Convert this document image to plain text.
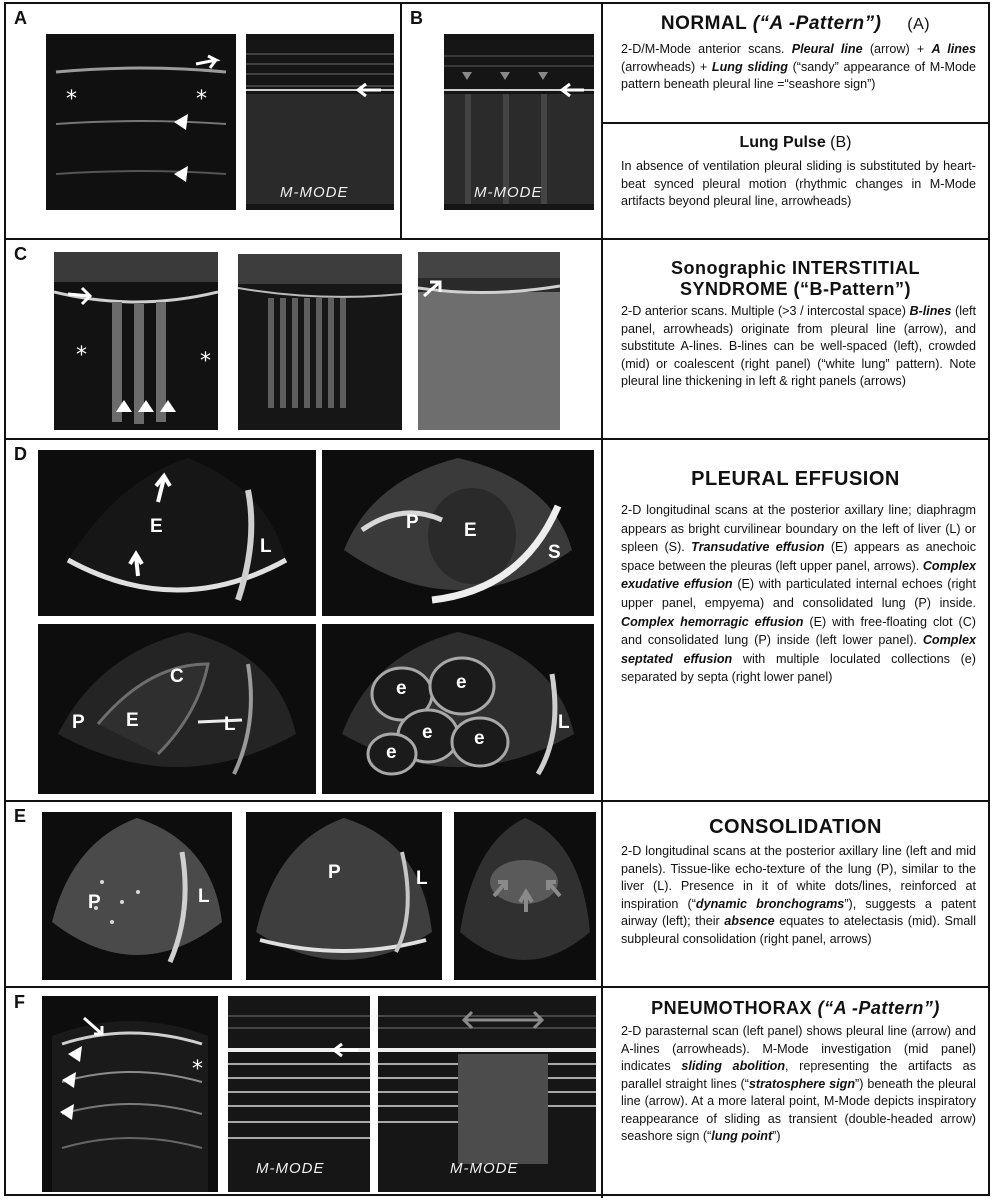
A
*	*
M-MODE
B
M-MODE
NORMAL (“A -Pattern”) (A)
2-D/M-Mode anterior scans. Pleural line (arrow) + A lines (arrowheads) + Lung sliding (“sandy” appearance of M-Mode pattern beneath pleural line =“seashore sign”)
Lung Pulse (B)
In absence of ventilation pleural sliding is substituted by heart-beat synced pleural motion (rhythmic changes in M-Mode artifacts beyond pleural line, arrowheads)
C
*	*
Sonographic INTERSTITIAL
SYNDROME (“B-Pattern”)
2-D anterior scans. Multiple (>3 / intercostal space) B-lines (left panel, arrowheads) originate from pleural line (arrow), and substitute A-lines. B-lines can be well-spaced (left), crowded (mid) or coalescent (right panel) (“white lung” pattern). Note pleural line thickening in left & right panels (arrows)
D
E
L
P E
S
C
P E	L
e	e
e e
e
L
PLEURAL EFFUSION
2-D longitudinal scans at the posterior axillary line; diaphragm appears as bright curvilinear boundary on the left of liver (L) or spleen (S). Transudative effusion (E) appears as anechoic space between the pleuras (left upper panel, arrows). Complex exudative effusion (E) with particulated internal echoes (right upper panel, empyema) and consolidated lung (P) inside. Complex hemorragic effusion (E) with free-floating clot (C) and consolidated lung (P) inside (left lower panel). Complex septated effusion with multiple loculated collections (e) separated by septa (right lower panel)
E
P	L
P	L
CONSOLIDATION
2-D longitudinal scans at the posterior axillary line (left and mid panels). Tissue-like echo-texture of the lung (P), similar to the liver (L). Presence in it of white dots/lines, reinforced at inspiration (“dynamic bronchograms”), suggests a patent airway (left); their absence equates to atelectasis (mid). Small subpleural consolidation (right panel, arrows)
F
*
M-MODE	M-MODE
PNEUMOTHORAX (“A -Pattern”)
2-D parasternal scan (left panel) shows pleural line (arrow) and A-lines (arrowheads). M-Mode investigation (mid panel) indicates sliding abolition, representing the artifacts as parallel straight lines (“stratosphere sign”) beneath the pleural line (arrow). At a more lateral point, M-Mode depicts inspiratory reappearance of sliding as transient (double-headed arrow) seashore sign (“lung point”)
